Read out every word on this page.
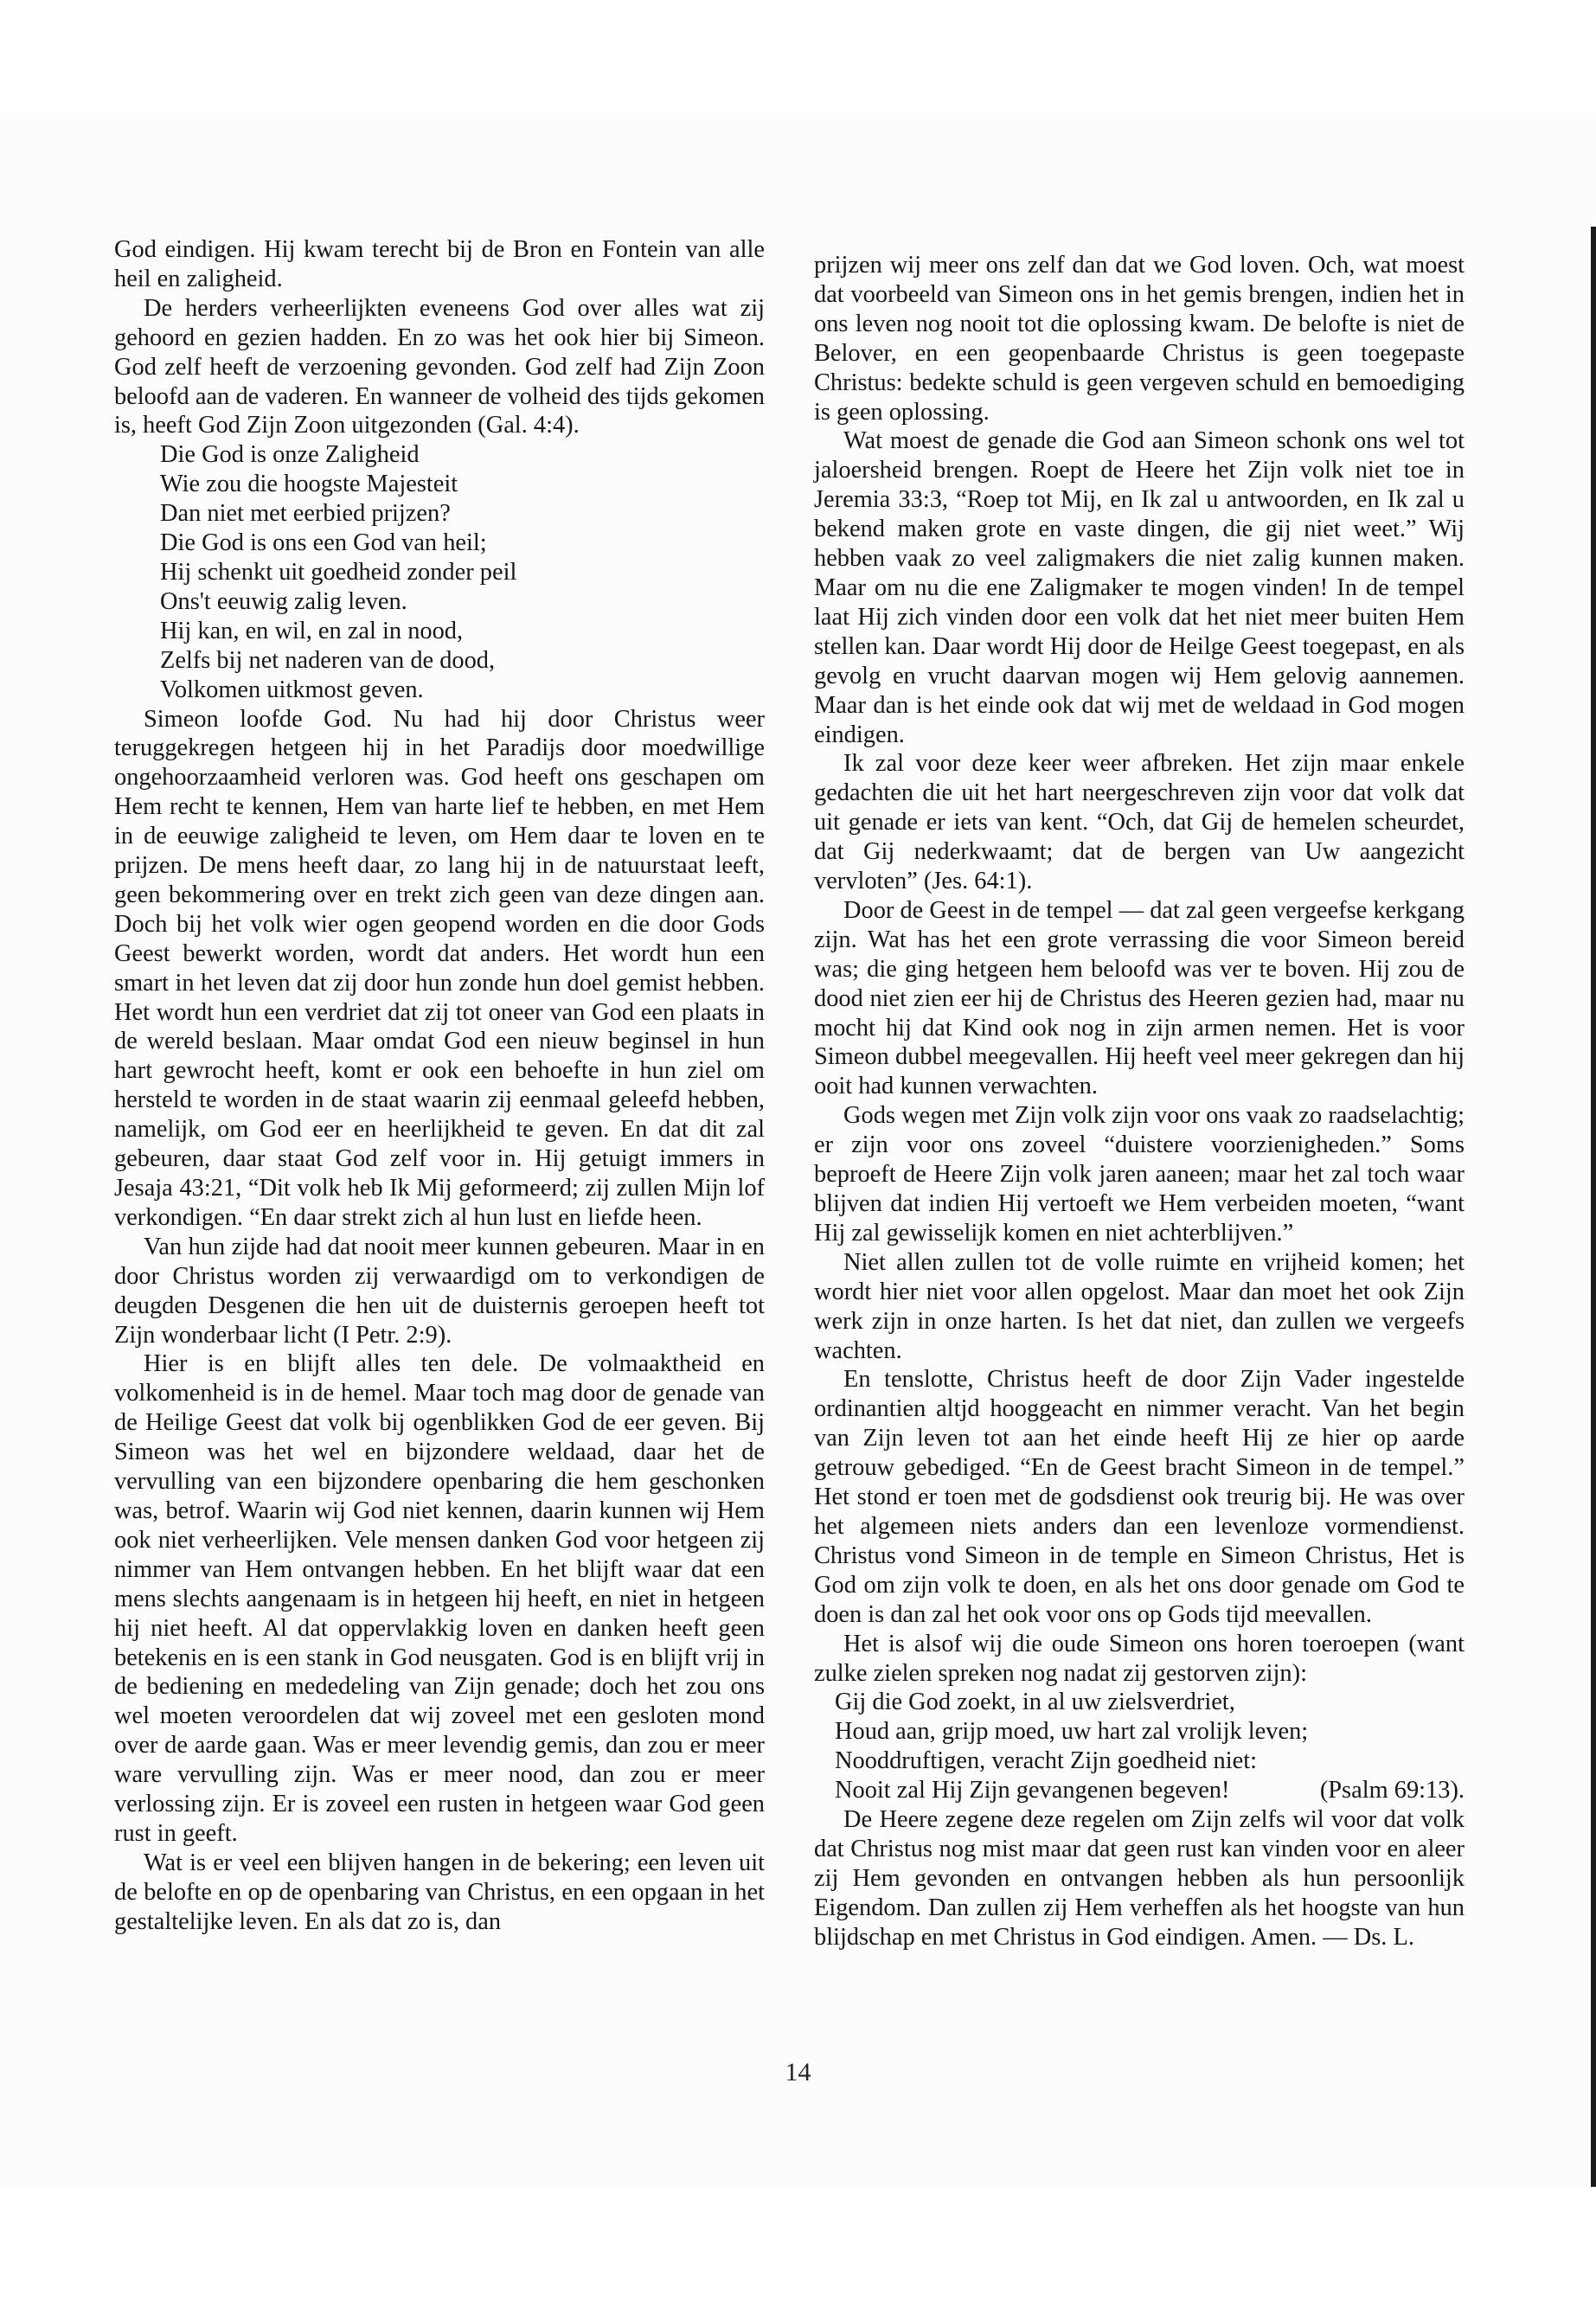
God eindigen. Hij kwam terecht bij de Bron en Fontein van alle heil en zaligheid.

De herders verheerlijkten eveneens God over alles wat zij gehoord en gezien hadden. En zo was het ook hier bij Simeon. God zelf heeft de verzoening gevonden. God zelf had Zijn Zoon beloofd aan de vaderen. En wanneer de volheid des tijds gekomen is, heeft God Zijn Zoon uitgezonden (Gal. 4:4).

Die God is onze Zaligheid
Wie zou die hoogste Majesteit
Dan niet met eerbied prijzen?
Die God is ons een God van heil;
Hij schenkt uit goedheid zonder peil
Ons't eeuwig zalig leven.
Hij kan, en wil, en zal in nood,
Zelfs bij net naderen van de dood,
Volkomen uitkmost geven.

Simeon loofde God. Nu had hij door Christus weer teruggekregen hetgeen hij in het Paradijs door moedwillige ongehoorzaamheid verloren was. God heeft ons geschapen om Hem recht te kennen, Hem van harte lief te hebben, en met Hem in de eeuwige zaligheid te leven, om Hem daar te loven en te prijzen. De mens heeft daar, zo lang hij in de natuurstaat leeft, geen bekommering over en trekt zich geen van deze dingen aan. Doch bij het volk wier ogen geopend worden en die door Gods Geest bewerkt worden, wordt dat anders. Het wordt hun een smart in het leven dat zij door hun zonde hun doel gemist hebben. Het wordt hun een verdriet dat zij tot oneer van God een plaats in de wereld beslaan. Maar omdat God een nieuw beginsel in hun hart gewrocht heeft, komt er ook een behoefte in hun ziel om hersteld te worden in de staat waarin zij eenmaal geleefd hebben, namelijk, om God eer en heerlijkheid te geven. En dat dit zal gebeuren, daar staat God zelf voor in. Hij getuigt immers in Jesaja 43:21, “Dit volk heb Ik Mij geformeerd; zij zullen Mijn lof verkondigen. “En daar strekt zich al hun lust en liefde heen.

Van hun zijde had dat nooit meer kunnen gebeuren. Maar in en door Christus worden zij verwaardigd om to verkondigen de deugden Desgenen die hen uit de duisternis geroepen heeft tot Zijn wonderbaar licht (I Petr. 2:9).

Hier is en blijft alles ten dele. De volmaaktheid en volkomenheid is in de hemel. Maar toch mag door de genade van de Heilige Geest dat volk bij ogenblikken God de eer geven. Bij Simeon was het wel en bijzondere weldaad, daar het de vervulling van een bijzondere openbaring die hem geschonken was, betrof. Waarin wij God niet kennen, daarin kunnen wij Hem ook niet verheerlijken. Vele mensen danken God voor hetgeen zij nimmer van Hem ontvangen hebben. En het blijft waar dat een mens slechts aangenaam is in hetgeen hij heeft, en niet in hetgeen hij niet heeft. Al dat oppervlakkig loven en danken heeft geen betekenis en is een stank in God neusgaten. God is en blijft vrij in de bediening en mededeling van Zijn genade; doch het zou ons wel moeten veroordelen dat wij zoveel met een gesloten mond over de aarde gaan. Was er meer levendig gemis, dan zou er meer ware vervulling zijn. Was er meer nood, dan zou er meer verlossing zijn. Er is zoveel een rusten in hetgeen waar God geen rust in geeft.

Wat is er veel een blijven hangen in de bekering; een leven uit de belofte en op de openbaring van Christus, en een opgaan in het gestaltelijke leven. En als dat zo is, dan

prijzen wij meer ons zelf dan dat we God loven. Och, wat moest dat voorbeeld van Simeon ons in het gemis brengen, indien het in ons leven nog nooit tot die oplossing kwam. De belofte is niet de Belover, en een geopenbaarde Christus is geen toegepaste Christus: bedekte schuld is geen vergeven schuld en bemoediging is geen oplossing.

Wat moest de genade die God aan Simeon schonk ons wel tot jaloersheid brengen. Roept de Heere het Zijn volk niet toe in Jeremia 33:3, “Roep tot Mij, en Ik zal u antwoorden, en Ik zal u bekend maken grote en vaste dingen, die gij niet weet.” Wij hebben vaak zo veel zaligmakers die niet zalig kunnen maken. Maar om nu die ene Zaligmaker te mogen vinden! In de tempel laat Hij zich vinden door een volk dat het niet meer buiten Hem stellen kan. Daar wordt Hij door de Heilge Geest toegepast, en als gevolg en vrucht daarvan mogen wij Hem gelovig aannemen. Maar dan is het einde ook dat wij met de weldaad in God mogen eindigen.

Ik zal voor deze keer weer afbreken. Het zijn maar enkele gedachten die uit het hart neergeschreven zijn voor dat volk dat uit genade er iets van kent. “Och, dat Gij de hemelen scheurdet, dat Gij nederkwaamt; dat de bergen van Uw aangezicht vervloten” (Jes. 64:1).

Door de Geest in de tempel — dat zal geen vergeefse kerkgang zijn. Wat has het een grote verrassing die voor Simeon bereid was; die ging hetgeen hem beloofd was ver te boven. Hij zou de dood niet zien eer hij de Christus des Heeren gezien had, maar nu mocht hij dat Kind ook nog in zijn armen nemen. Het is voor Simeon dubbel meegevallen. Hij heeft veel meer gekregen dan hij ooit had kunnen verwachten.

Gods wegen met Zijn volk zijn voor ons vaak zo raadselachtig; er zijn voor ons zoveel “duistere voorzienigheden.” Soms beproeft de Heere Zijn volk jaren aaneen; maar het zal toch waar blijven dat indien Hij vertoeft we Hem verbeiden moeten, “want Hij zal gewisselijk komen en niet achterblijven.”

Niet allen zullen tot de volle ruimte en vrijheid komen; het wordt hier niet voor allen opgelost. Maar dan moet het ook Zijn werk zijn in onze harten. Is het dat niet, dan zullen we vergeefs wachten.

En tenslotte, Christus heeft de door Zijn Vader ingestelde ordinantien altjd hooggeacht en nimmer veracht. Van het begin van Zijn leven tot aan het einde heeft Hij ze hier op aarde getrouw gebediged. “En de Geest bracht Simeon in de tempel.” Het stond er toen met de godsdienst ook treurig bij. He was over het algemeen niets anders dan een levenloze vormendienst. Christus vond Simeon in de temple en Simeon Christus, Het is God om zijn volk te doen, en als het ons door genade om God te doen is dan zal het ook voor ons op Gods tijd meevallen.

Het is alsof wij die oude Simeon ons horen toeroepen (want zulke zielen spreken nog nadat zij gestorven zijn):

Gij die God zoekt, in al uw zielsverdriet,
Houd aan, grijp moed, uw hart zal vrolijk leven;
Nooddruftigen, veracht Zijn goedheid niet:
Nooit zal Hij Zijn gevangenen begeven!	(Psalm 69:13).

De Heere zegene deze regelen om Zijn zelfs wil voor dat volk dat Christus nog mist maar dat geen rust kan vinden voor en aleer zij Hem gevonden en ontvangen hebben als hun persoonlijk Eigendom. Dan zullen zij Hem verheffen als het hoogste van hun blijdschap en met Christus in God eindigen. Amen. — Ds. L.

14
